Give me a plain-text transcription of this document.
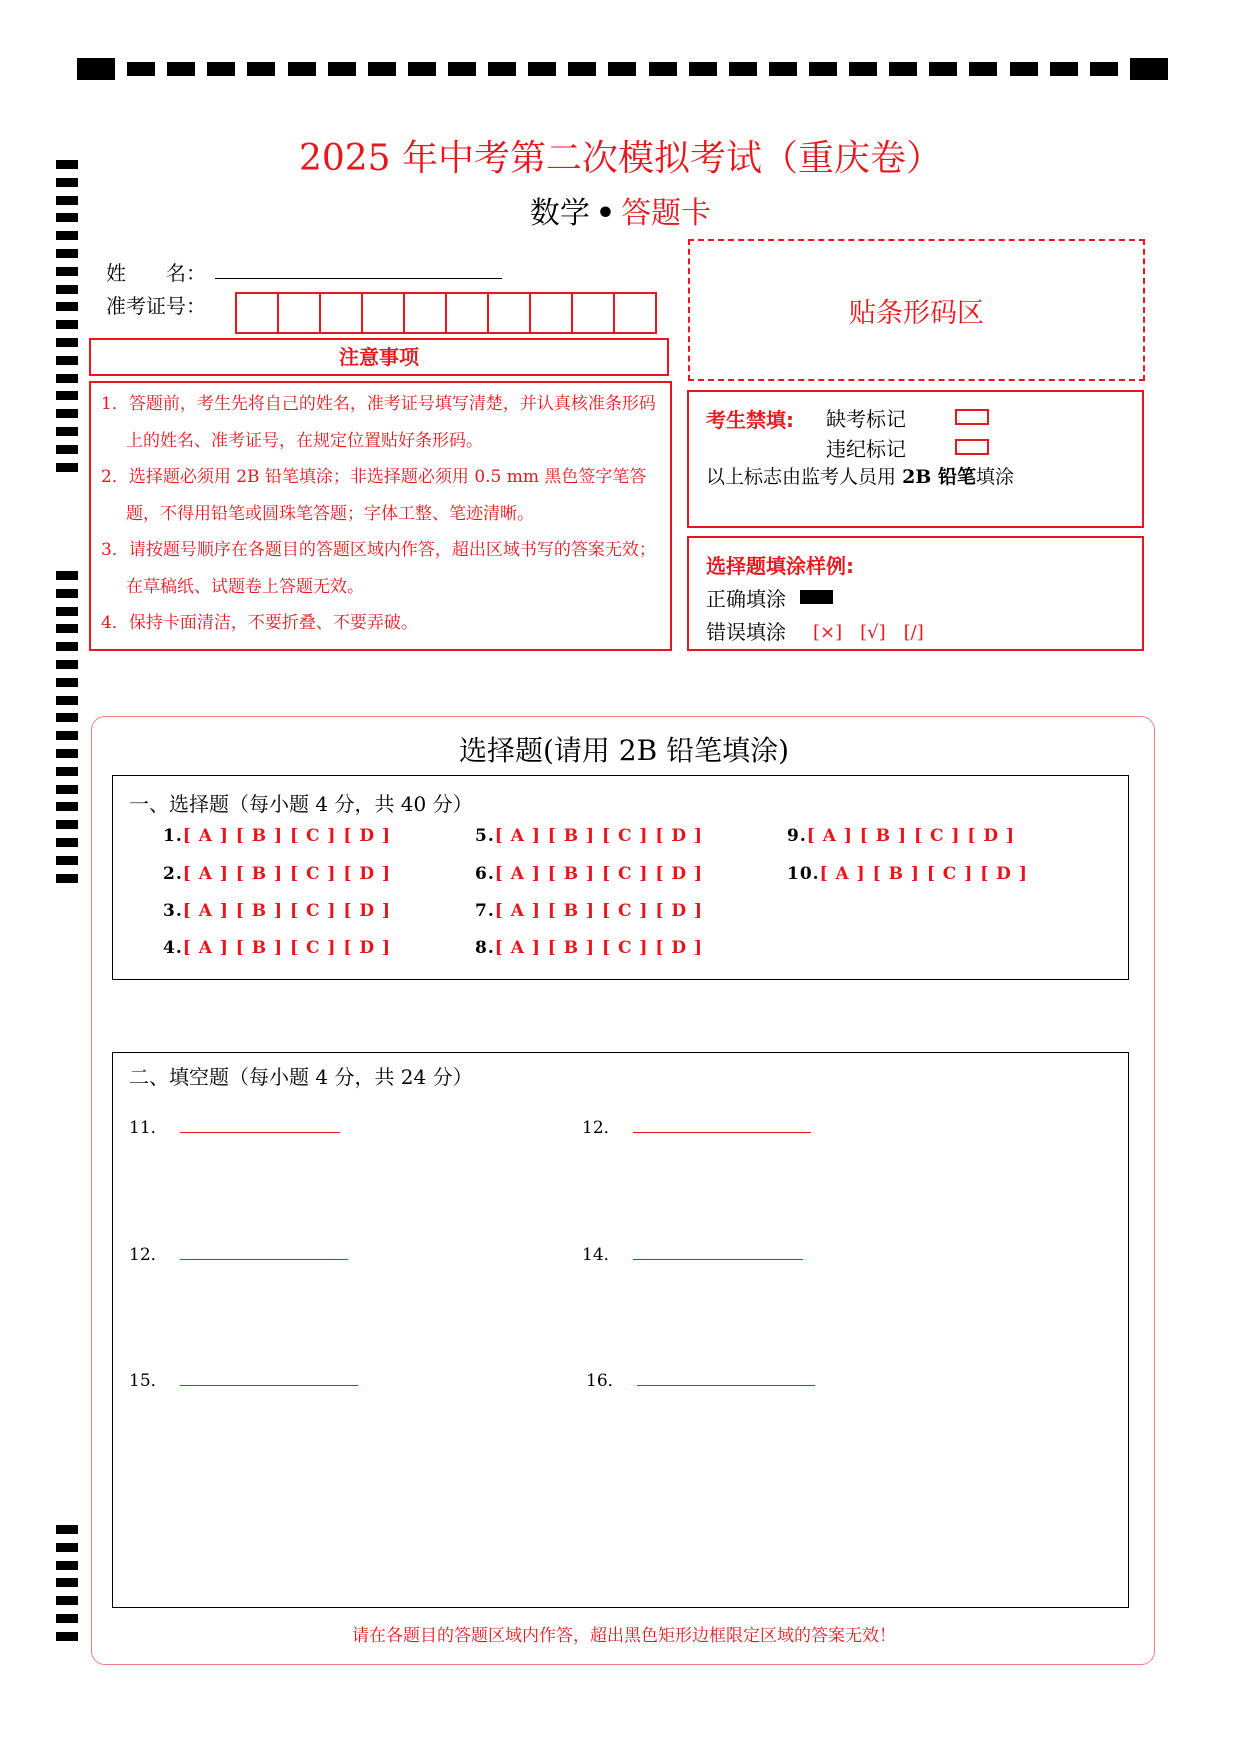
2025 年中考第二次模拟考试（重庆卷）
数学 • 答题卡
姓　　名：
准考证号：	贴条形码区
注意事项
1．答题前，考生先将自己的姓名，准考证号填写清楚，并认真核准条形码上的姓名、准考证号，在规定位置贴好条形码。
2．选择题必须用 2B 铅笔填涂；非选择题必须用 0.5 mm 黑色签字笔答题，不得用铅笔或圆珠笔答题；字体工整、笔迹清晰。
3．请按题号顺序在各题目的答题区域内作答，超出区域书写的答案无效；在草稿纸、试题卷上答题无效。
4．保持卡面清洁，不要折叠、不要弄破。
考生禁填: 缺考标记
违纪标记
以上标志由监考人员用 2B 铅笔填涂
选择题填涂样例:
正确填涂
错误填涂 [×]　[√]　[/]
选择题(请用 2B 铅笔填涂)
一、选择题（每小题 4 分，共 40 分）
1.[ A ] [ B ] [ C ] [ D ]
2.[ A ] [ B ] [ C ] [ D ]
3.[ A ] [ B ] [ C ] [ D ]
4.[ A ] [ B ] [ C ] [ D ]
5.[ A ] [ B ] [ C ] [ D ]
6.[ A ] [ B ] [ C ] [ D ]
7.[ A ] [ B ] [ C ] [ D ]
8.[ A ] [ B ] [ C ] [ D ]
9.[ A ] [ B ] [ C ] [ D ]
10.[ A ] [ B ] [ C ] [ D ]
二、填空题（每小题 4 分，共 24 分）
11．	12．
12．	14．
15．	16．
请在各题目的答题区域内作答，超出黑色矩形边框限定区域的答案无效！
